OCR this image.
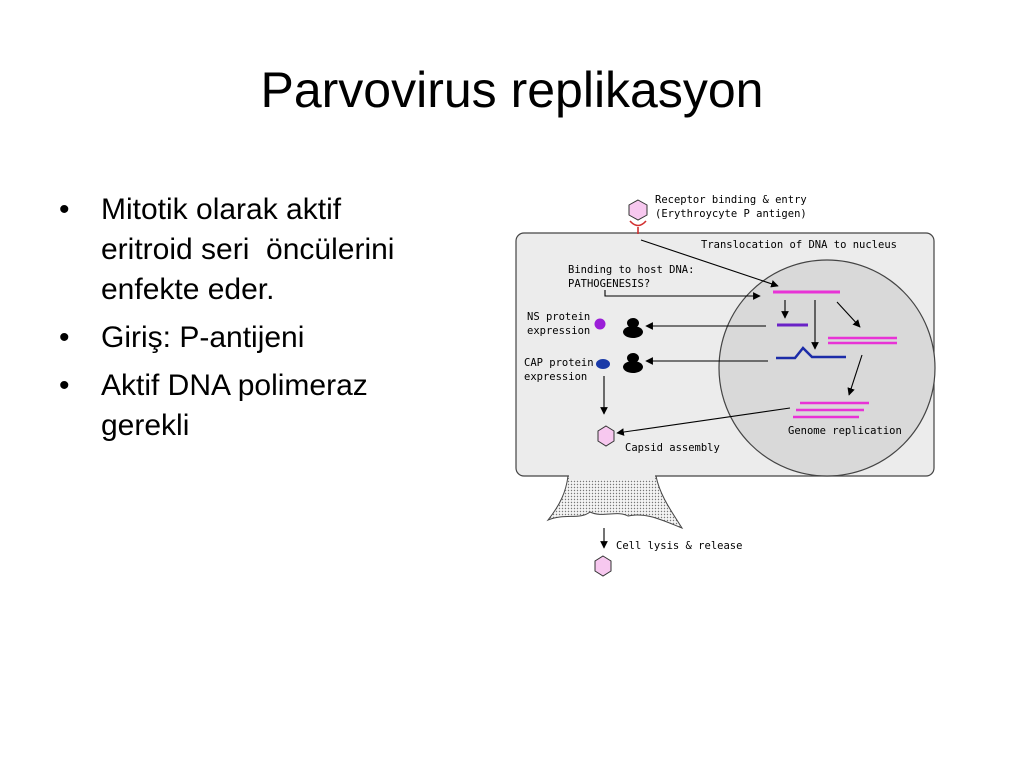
Parvovirus replikasyon
• Mitotik olarak aktif
eritroid seri  öncülerini
enfekte eder.
• Giriş: P-antijeni
• Aktif DNA polimeraz
gerekli
Receptor binding & entry
(Erythroycyte P antigen)
Translocation of DNA to nucleus
Binding to host DNA:
PATHOGENESIS?
Genome replication
NS protein
expression
CAP protein
expression
Capsid assembly
Cell lysis & release
